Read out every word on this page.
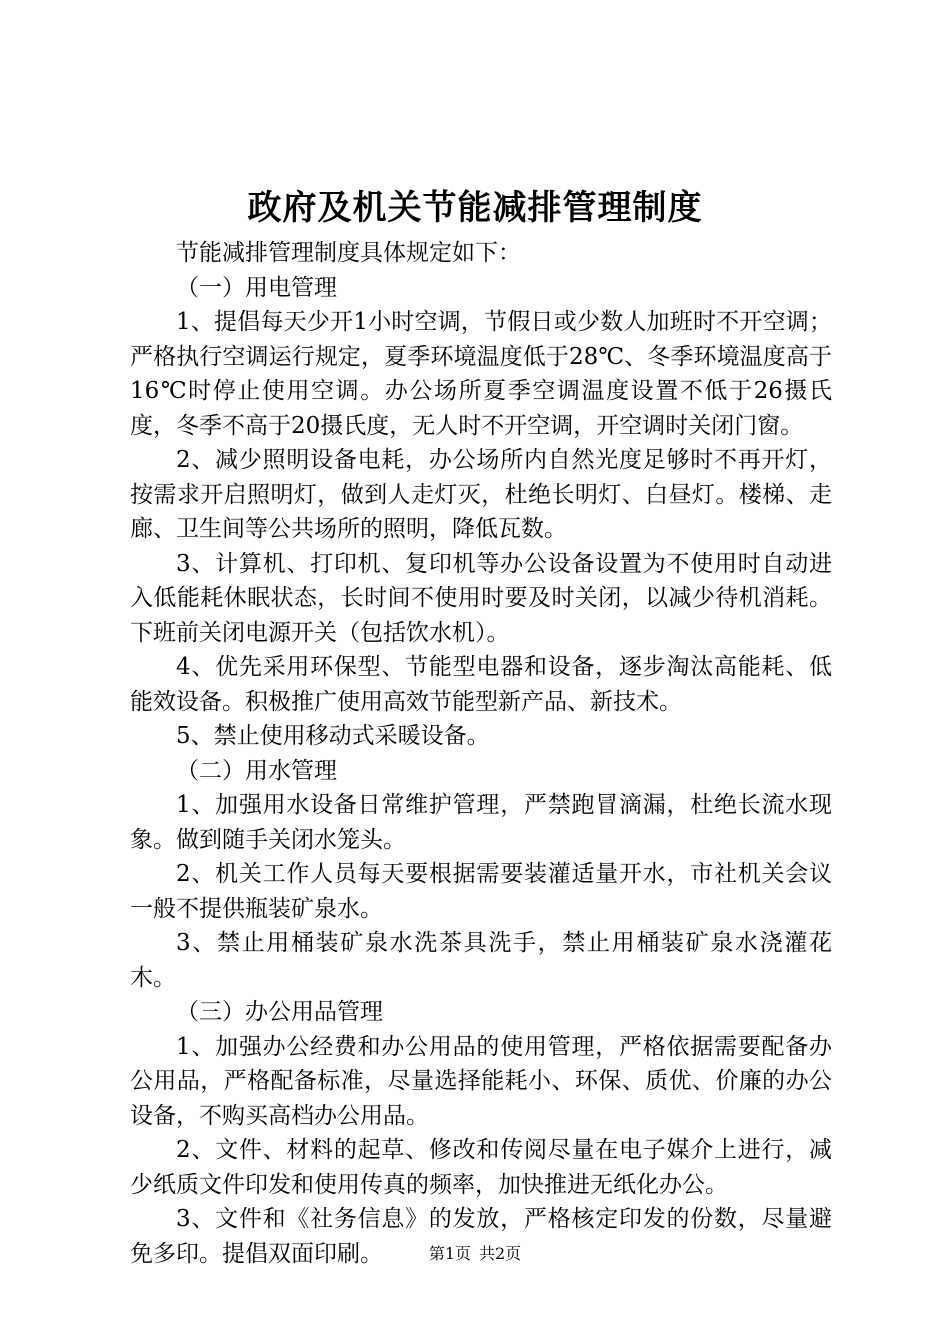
政府及机关节能减排管理制度

节能减排管理制度具体规定如下：

（一）用电管理

1、提倡每天少开1小时空调，节假日或少数人加班时不开空调；严格执行空调运行规定，夏季环境温度低于28℃、冬季环境温度高于16℃时停止使用空调。办公场所夏季空调温度设置不低于26摄氏度，冬季不高于20摄氏度，无人时不开空调，开空调时关闭门窗。

2、减少照明设备电耗，办公场所内自然光度足够时不再开灯，按需求开启照明灯，做到人走灯灭，杜绝长明灯、白昼灯。楼梯、走廊、卫生间等公共场所的照明，降低瓦数。

3、计算机、打印机、复印机等办公设备设置为不使用时自动进入低能耗休眠状态，长时间不使用时要及时关闭，以减少待机消耗。下班前关闭电源开关（包括饮水机）。

4、优先采用环保型、节能型电器和设备，逐步淘汰高能耗、低能效设备。积极推广使用高效节能型新产品、新技术。

5、禁止使用移动式采暖设备。

（二）用水管理

1、加强用水设备日常维护管理，严禁跑冒滴漏，杜绝长流水现象。做到随手关闭水笼头。

2、机关工作人员每天要根据需要装灌适量开水，市社机关会议一般不提供瓶装矿泉水。

3、禁止用桶装矿泉水洗茶具洗手，禁止用桶装矿泉水浇灌花木。

（三）办公用品管理

1、加强办公经费和办公用品的使用管理，严格依据需要配备办公用品，严格配备标准，尽量选择能耗小、环保、质优、价廉的办公设备，不购买高档办公用品。

2、文件、材料的起草、修改和传阅尽量在电子媒介上进行，减少纸质文件印发和使用传真的频率，加快推进无纸化办公。

3、文件和《社务信息》的发放，严格核定印发的份数，尽量避免多印。提倡双面印刷。	第1页 共2页
